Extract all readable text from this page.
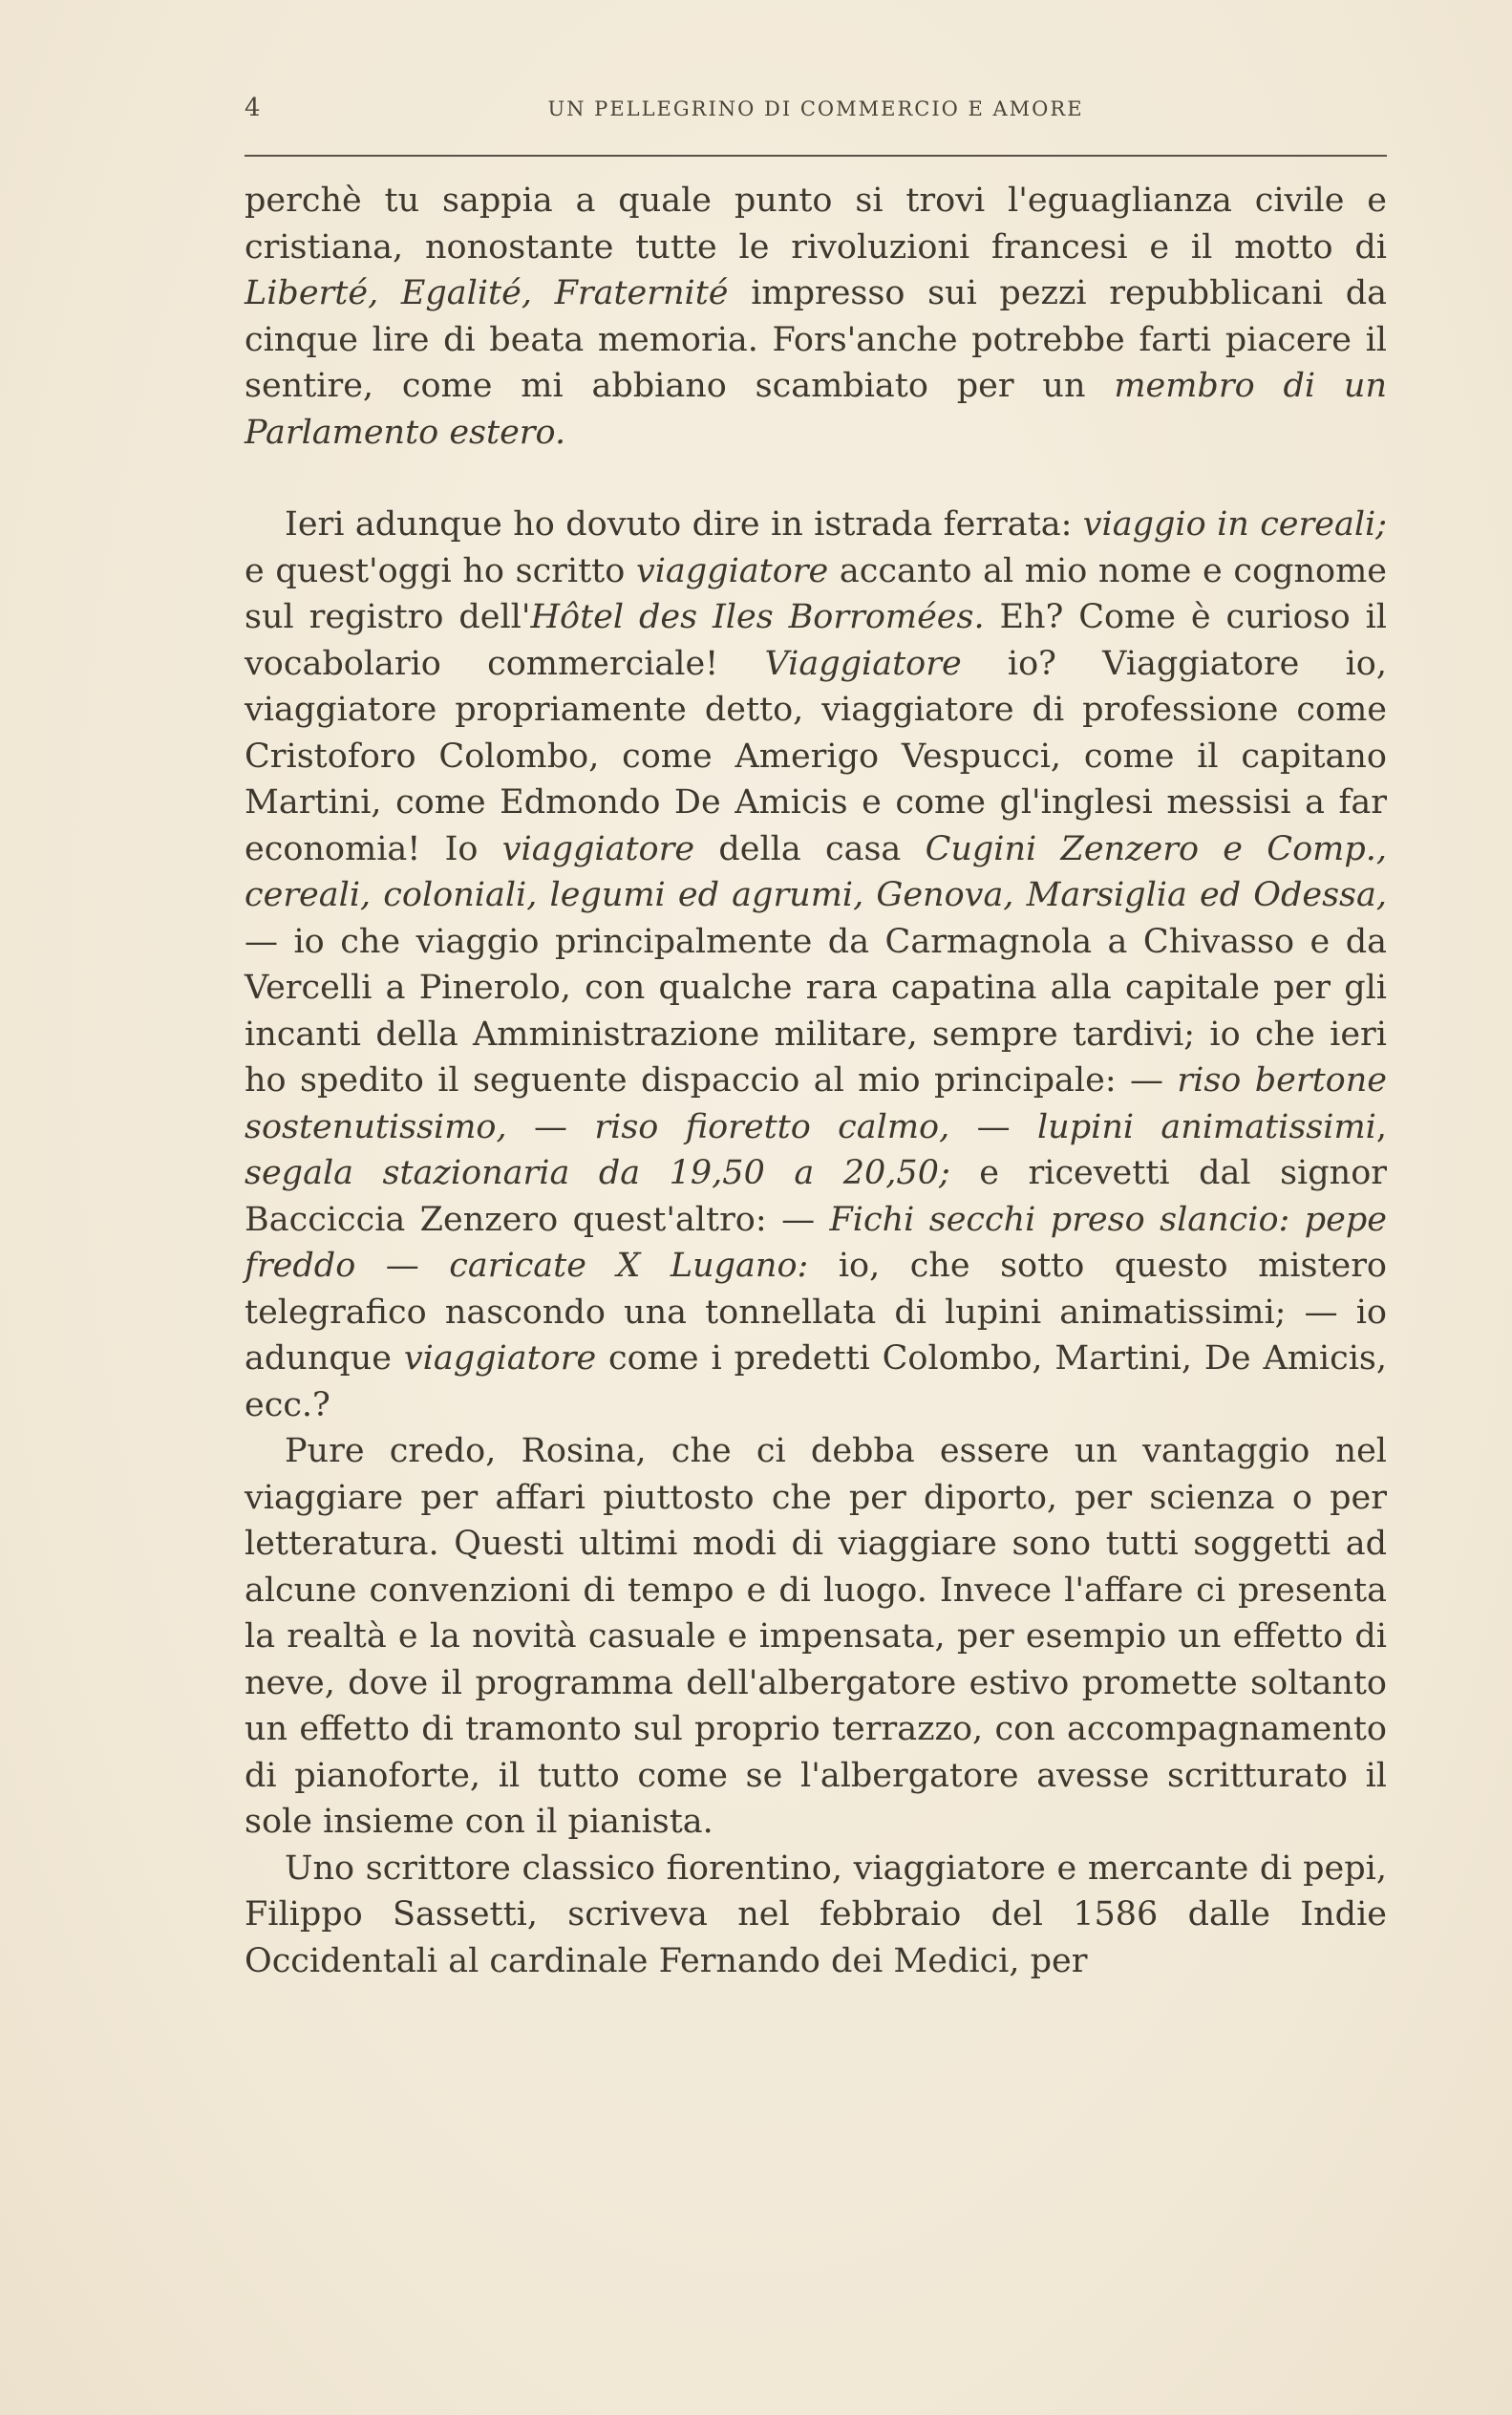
4	UN PELLEGRINO DI COMMERCIO E AMORE

perchè tu sappia a quale punto si trovi l'eguaglianza civile e cristiana, nonostante tutte le rivoluzioni francesi e il motto di Liberté, Egalité, Fraternité impresso sui pezzi repubblicani da cinque lire di beata memoria. Fors'anche potrebbe farti piacere il sentire, come mi abbiano scambiato per un membro di un Parlamento estero.

Ieri adunque ho dovuto dire in istrada ferrata: viaggio in cereali; e quest'oggi ho scritto viaggiatore accanto al mio nome e cognome sul registro dell'Hôtel des Iles Borromées. Eh? Come è curioso il vocabolario commerciale! Viaggiatore io? Viaggiatore io, viaggiatore propriamente detto, viaggiatore di professione come Cristoforo Colombo, come Amerigo Vespucci, come il capitano Martini, come Edmondo De Amicis e come gl'inglesi messisi a far economia! Io viaggiatore della casa Cugini Zenzero e Comp., cereali, coloniali, legumi ed agrumi, Genova, Marsiglia ed Odessa, — io che viaggio principalmente da Carmagnola a Chivasso e da Vercelli a Pinerolo, con qualche rara capatina alla capitale per gli incanti della Amministrazione militare, sempre tardivi; io che ieri ho spedito il seguente dispaccio al mio principale: — riso bertone sostenutissimo, — riso fioretto calmo, — lupini animatissimi, segala stazionaria da 19,50 a 20,50; e ricevetti dal signor Bacciccia Zenzero quest'altro: — Fichi secchi preso slancio: pepe freddo — caricate X Lugano: io, che sotto questo mistero telegrafico nascondo una tonnellata di lupini animatissimi; — io adunque viaggiatore come i predetti Colombo, Martini, De Amicis, ecc.?

Pure credo, Rosina, che ci debba essere un vantaggio nel viaggiare per affari piuttosto che per diporto, per scienza o per letteratura. Questi ultimi modi di viaggiare sono tutti soggetti ad alcune convenzioni di tempo e di luogo. Invece l'affare ci presenta la realtà e la novità casuale e impensata, per esempio un effetto di neve, dove il programma dell'albergatore estivo promette soltanto un effetto di tramonto sul proprio terrazzo, con accompagnamento di pianoforte, il tutto come se l'albergatore avesse scritturato il sole insieme con il pianista.

Uno scrittore classico fiorentino, viaggiatore e mercante di pepi, Filippo Sassetti, scriveva nel febbraio del 1586 dalle Indie Occidentali al cardinale Fernando dei Medici, per
